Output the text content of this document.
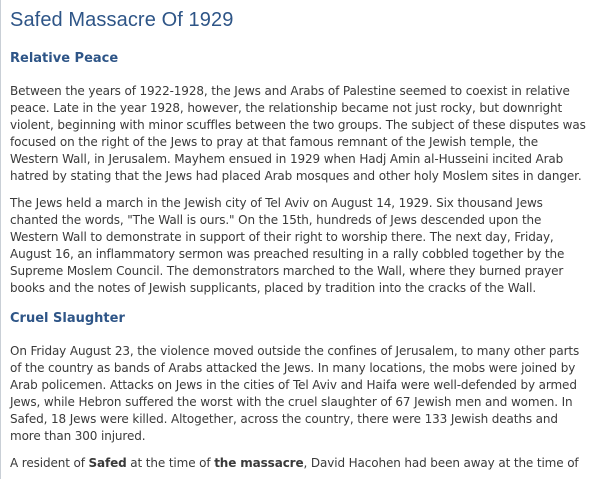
Safed Massacre Of 1929
Relative Peace

Between the years of 1922-1928, the Jews and Arabs of Palestine seemed to coexist in relative
peace. Late in the year 1928, however, the relationship became not just rocky, but downright
violent, beginning with minor scuffles between the two groups. The subject of these disputes was
focused on the right of the Jews to pray at that famous remnant of the Jewish temple, the
Western Wall, in Jerusalem. Mayhem ensued in 1929 when Hadj Amin al-Husseini incited Arab
hatred by stating that the Jews had placed Arab mosques and other holy Moslem sites in danger.

The Jews held a march in the Jewish city of Tel Aviv on August 14, 1929. Six thousand Jews
chanted the words, "The Wall is ours." On the 15th, hundreds of Jews descended upon the
Western Wall to demonstrate in support of their right to worship there. The next day, Friday,
August 16, an inflammatory sermon was preached resulting in a rally cobbled together by the
Supreme Moslem Council. The demonstrators marched to the Wall, where they burned prayer
books and the notes of Jewish supplicants, placed by tradition into the cracks of the Wall.

Cruel Slaughter

On Friday August 23, the violence moved outside the confines of Jerusalem, to many other parts
of the country as bands of Arabs attacked the Jews. In many locations, the mobs were joined by
Arab policemen. Attacks on Jews in the cities of Tel Aviv and Haifa were well-defended by armed
Jews, while Hebron suffered the worst with the cruel slaughter of 67 Jewish men and women. In
Safed, 18 Jews were killed. Altogether, across the country, there were 133 Jewish deaths and
more than 300 injured.

A resident of Safed at the time of the massacre, David Hacohen had been away at the time of
